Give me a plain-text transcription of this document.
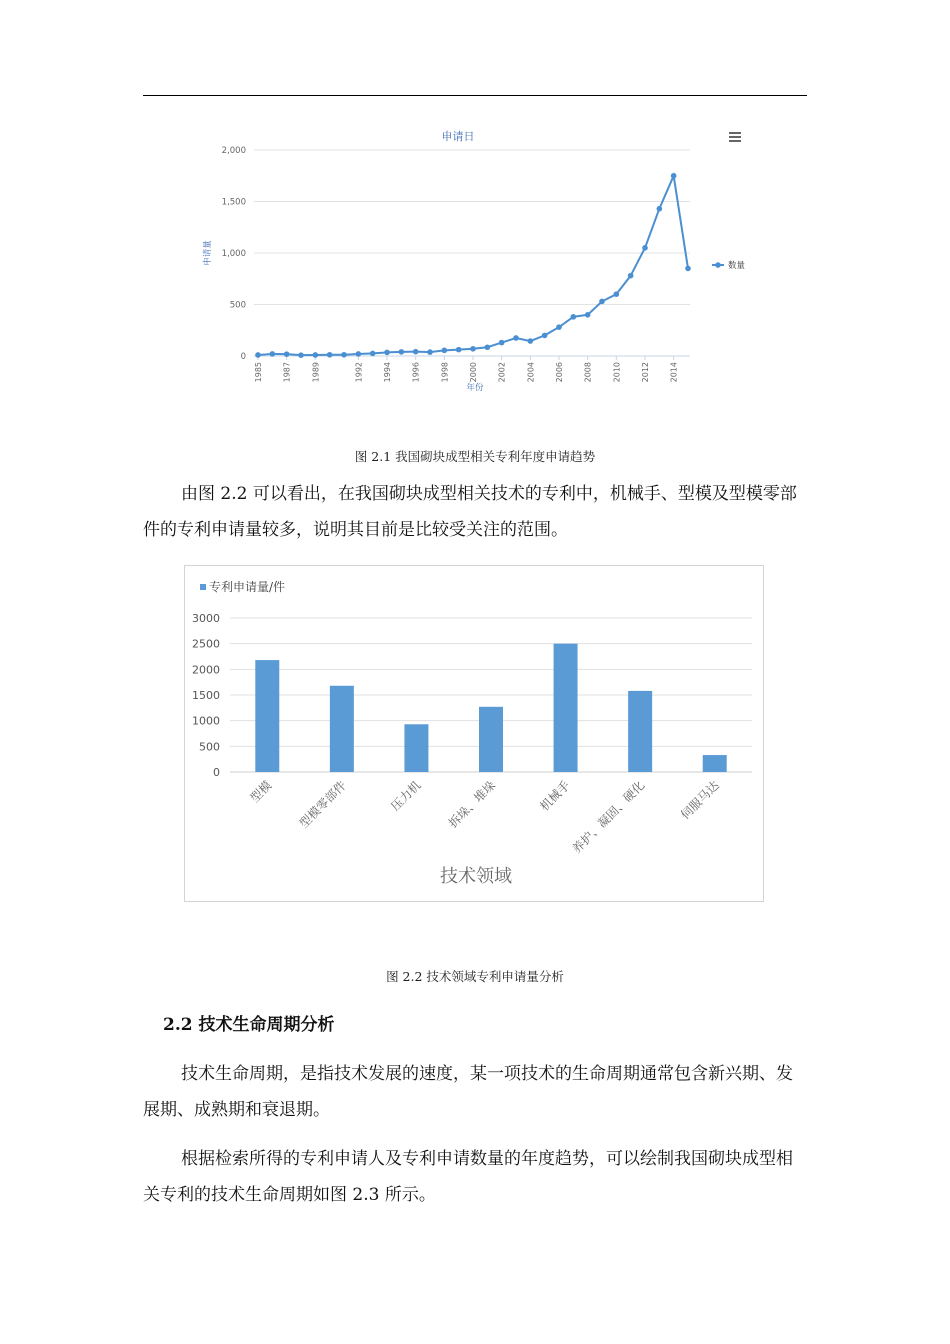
申请日
0
500
1,000
1,500
2,000
申请量
1985 1987 1989	1992 1994 1996 1998 2000 2002 2004 2006 2008 2010 2012 2014
年份
数量
图 2.1 我国砌块成型相关专利年度申请趋势

由图 2.2 可以看出，在我国砌块成型相关技术的专利中，机械手、型模及型模零部件的专利申请量较多，说明其目前是比较受关注的范围。

专利申请量/件
0
500
1000
1500
2000
2500
3000
型模 型模零部件	压力机 拆垛、堆垛	机械手
养护、凝固、硬化	伺服马达
技术领域
图 2.2 技术领域专利申请量分析
2.2 技术生命周期分析

技术生命周期，是指技术发展的速度，某一项技术的生命周期通常包含新兴期、发展期、成熟期和衰退期。

根据检索所得的专利申请人及专利申请数量的年度趋势，可以绘制我国砌块成型相关专利的技术生命周期如图 2.3 所示。
